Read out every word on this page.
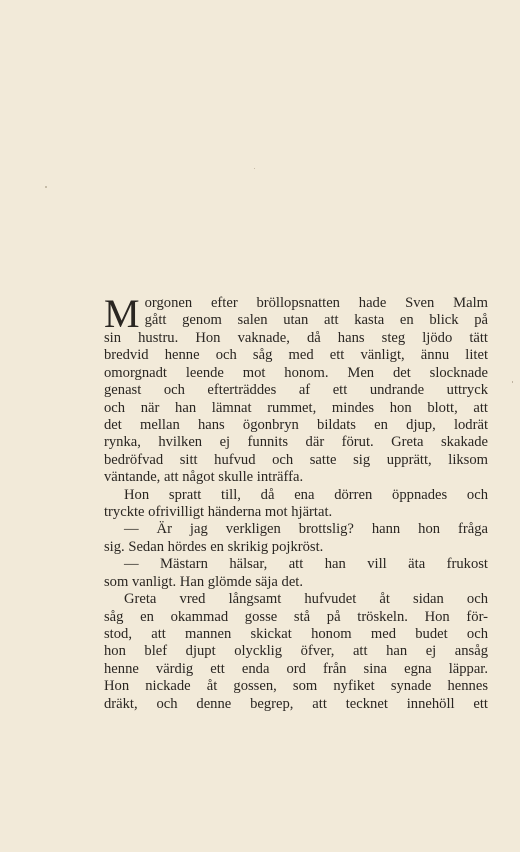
M orgonen efter bröllopsnatten hade Sven Malm
gått genom salen utan att kasta en blick på
sin hustru. Hon vaknade, då hans steg ljödo tätt
bredvid henne och såg med ett vänligt, ännu litet
omorgnadt leende mot honom. Men det slocknade
genast och efterträddes af ett undrande uttryck
och när han lämnat rummet, mindes hon blott, att
det mellan hans ögonbryn bildats en djup, lodrät
rynka, hvilken ej funnits där förut. Greta skakade
bedröfvad sitt hufvud och satte sig upprätt, liksom
väntande, att något skulle inträffa.
Hon spratt till, då ena dörren öppnades och
tryckte ofrivilligt händerna mot hjärtat.
— Är jag verkligen brottslig? hann hon fråga
sig. Sedan hördes en skrikig pojkröst.
— Mästarn hälsar, att han vill äta frukost
som vanligt. Han glömde säja det.
Greta vred långsamt hufvudet åt sidan och
såg en okammad gosse stå på tröskeln. Hon för-
stod, att mannen skickat honom med budet och
hon blef djupt olycklig öfver, att han ej ansåg
henne värdig ett enda ord från sina egna läppar.
Hon nickade åt gossen, som nyfiket synade hennes
dräkt, och denne begrep, att tecknet innehöll ett
